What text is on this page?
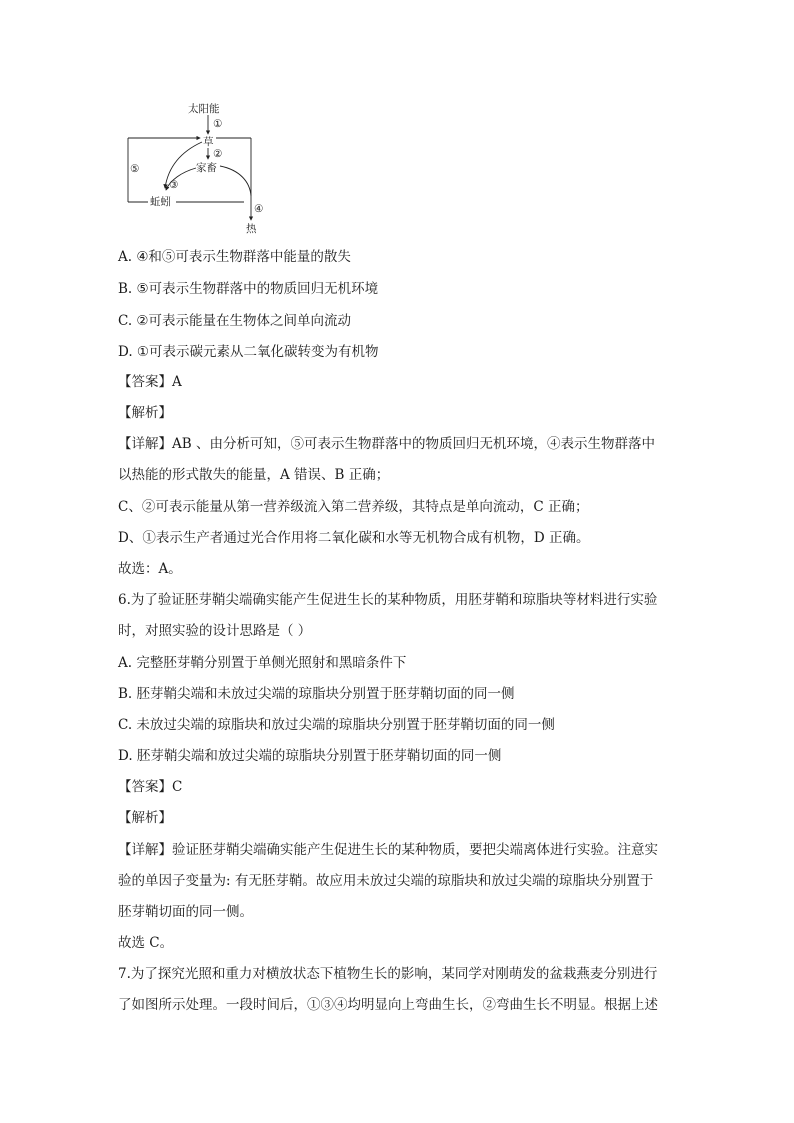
太阳能
①
草
②
家畜
③
蚯蚓
④
热
⑤
A. ④和⑤可表示生物群落中能量的散失
B. ⑤可表示生物群落中的物质回归无机环境
C. ②可表示能量在生物体之间单向流动
D. ①可表示碳元素从二氧化碳转变为有机物
【答案】A
【解析】
【详解】AB 、由分析可知，⑤可表示生物群落中的物质回归无机环境，④表示生物群落中
以热能的形式散失的能量，A 错误、B 正确；
C、②可表示能量从第一营养级流入第二营养级，其特点是单向流动，C 正确；
D、①表示生产者通过光合作用将二氧化碳和水等无机物合成有机物，D 正确。
故选：A。
6.为了验证胚芽鞘尖端确实能产生促进生长的某种物质，用胚芽鞘和琼脂块等材料进行实验
时，对照实验的设计思路是（ ）
A. 完整胚芽鞘分别置于单侧光照射和黑暗条件下
B. 胚芽鞘尖端和未放过尖端的琼脂块分别置于胚芽鞘切面的同一侧
C. 未放过尖端的琼脂块和放过尖端的琼脂块分别置于胚芽鞘切面的同一侧
D. 胚芽鞘尖端和放过尖端的琼脂块分别置于胚芽鞘切面的同一侧
【答案】C
【解析】
【详解】验证胚芽鞘尖端确实能产生促进生长的某种物质，要把尖端离体进行实验。注意实
验的单因子变量为: 有无胚芽鞘。故应用未放过尖端的琼脂块和放过尖端的琼脂块分别置于
胚芽鞘切面的同一侧。
故选 C。
7.为了探究光照和重力对横放状态下植物生长的影响，某同学对刚萌发的盆栽燕麦分别进行
了如图所示处理。一段时间后，①③④均明显向上弯曲生长，②弯曲生长不明显。根据上述
